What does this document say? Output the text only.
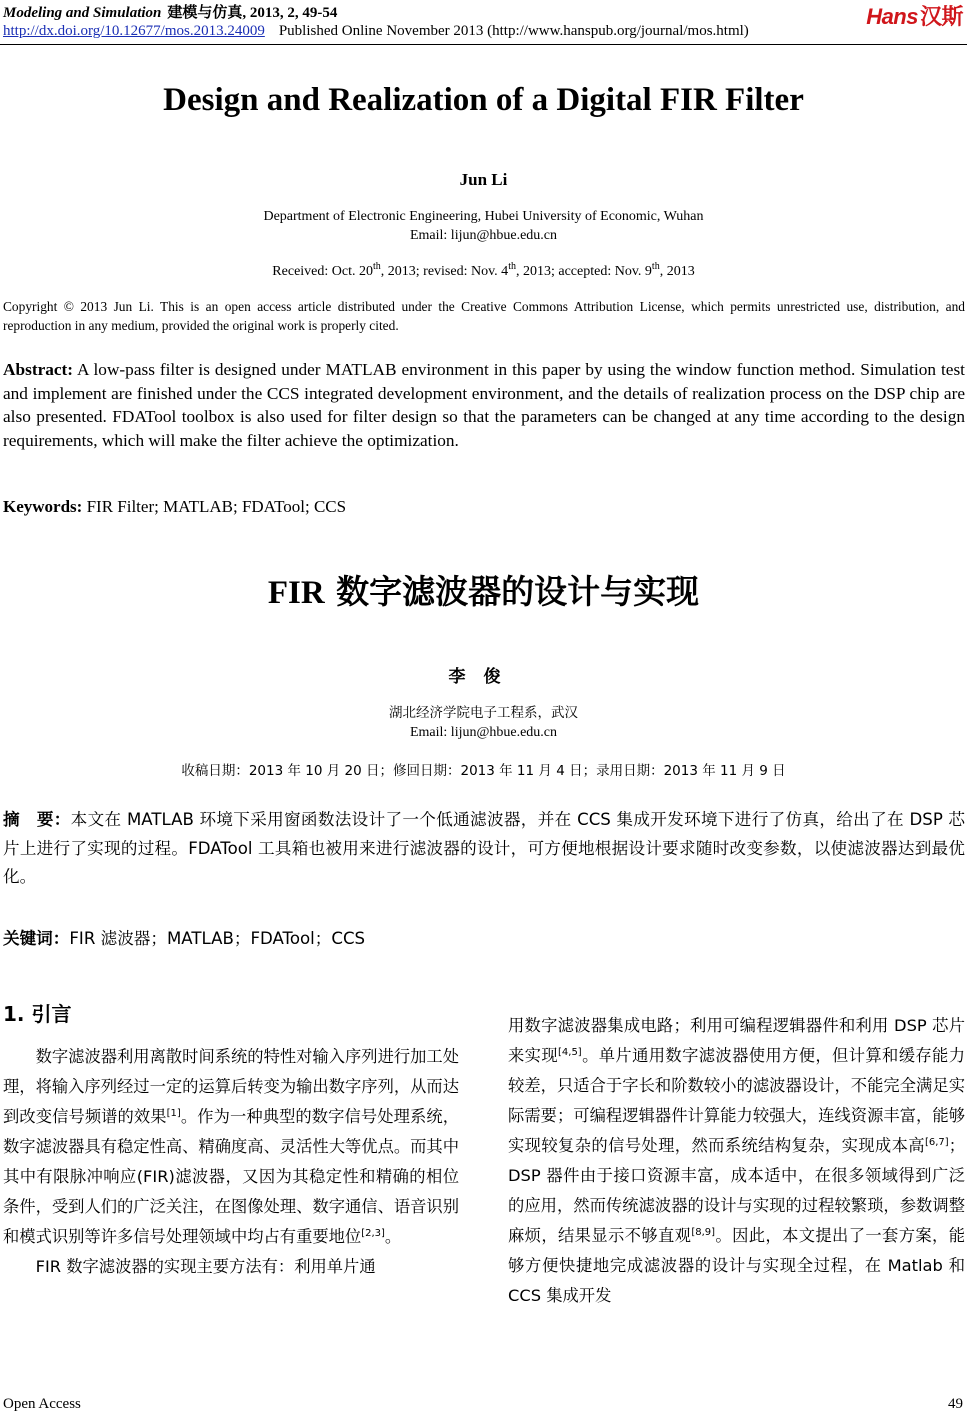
Modeling and Simulation 建模与仿真, 2013, 2, 49-54	Hans汉斯
http://dx.doi.org/10.12677/mos.2013.24009 Published Online November 2013 (http://www.hanspub.org/journal/mos.html)
Design and Realization of a Digital FIR Filter
Jun Li
Department of Electronic Engineering, Hubei University of Economic, Wuhan
Email: lijun@hbue.edu.cn
Received: Oct. 20th, 2013; revised: Nov. 4th, 2013; accepted: Nov. 9th, 2013
Copyright © 2013 Jun Li. This is an open access article distributed under the Creative Commons Attribution License, which permits unrestricted use, distribution, and reproduction in any medium, provided the original work is properly cited.
Abstract: A low-pass filter is designed under MATLAB environment in this paper by using the window function method. Simulation test and implement are finished under the CCS integrated development environment, and the details of realization process on the DSP chip are also presented. FDATool toolbox is also used for filter design so that the parameters can be changed at any time according to the design requirements, which will make the filter achieve the optimization.
Keywords: FIR Filter; MATLAB; FDATool; CCS
FIR 数字滤波器的设计与实现
李俊
湖北经济学院电子工程系，武汉
Email: lijun@hbue.edu.cn
收稿日期：2013 年 10 月 20 日；修回日期：2013 年 11 月 4 日；录用日期：2013 年 11 月 9 日
摘　要：本文在 MATLAB 环境下采用窗函数法设计了一个低通滤波器，并在 CCS 集成开发环境下进行了仿真，给出了在 DSP 芯片上进行了实现的过程。FDATool 工具箱也被用来进行滤波器的设计，可方便地根据设计要求随时改变参数，以使滤波器达到最优化。
关键词：FIR 滤波器；MATLAB；FDATool；CCS
1. 引言

数字滤波器利用离散时间系统的特性对输入序列进行加工处理，将输入序列经过一定的运算后转变为输出数字序列，从而达到改变信号频谱的效果[1]。作为一种典型的数字信号处理系统，数字滤波器具有稳定性高、精确度高、灵活性大等优点。而其中其中有限脉冲响应(FIR)滤波器，又因为其稳定性和精确的相位条件，受到人们的广泛关注，在图像处理、数字通信、语音识别和模式识别等许多信号处理领域中均占有重要地位[2,3]。

FIR 数字滤波器的实现主要方法有：利用单片通

用数字滤波器集成电路；利用可编程逻辑器件和利用 DSP 芯片来实现[4,5]。单片通用数字滤波器使用方便，但计算和缓存能力较差，只适合于字长和阶数较小的滤波器设计，不能完全满足实际需要；可编程逻辑器件计算能力较强大，连线资源丰富，能够实现较复杂的信号处理，然而系统结构复杂，实现成本高[6,7]；DSP 器件由于接口资源丰富，成本适中，在很多领域得到广泛的应用，然而传统滤波器的设计与实现的过程较繁琐，参数调整麻烦，结果显示不够直观[8,9]。因此，本文提出了一套方案，能够方便快捷地完成滤波器的设计与实现全过程，在 Matlab 和 CCS 集成开发

Open Access	49
